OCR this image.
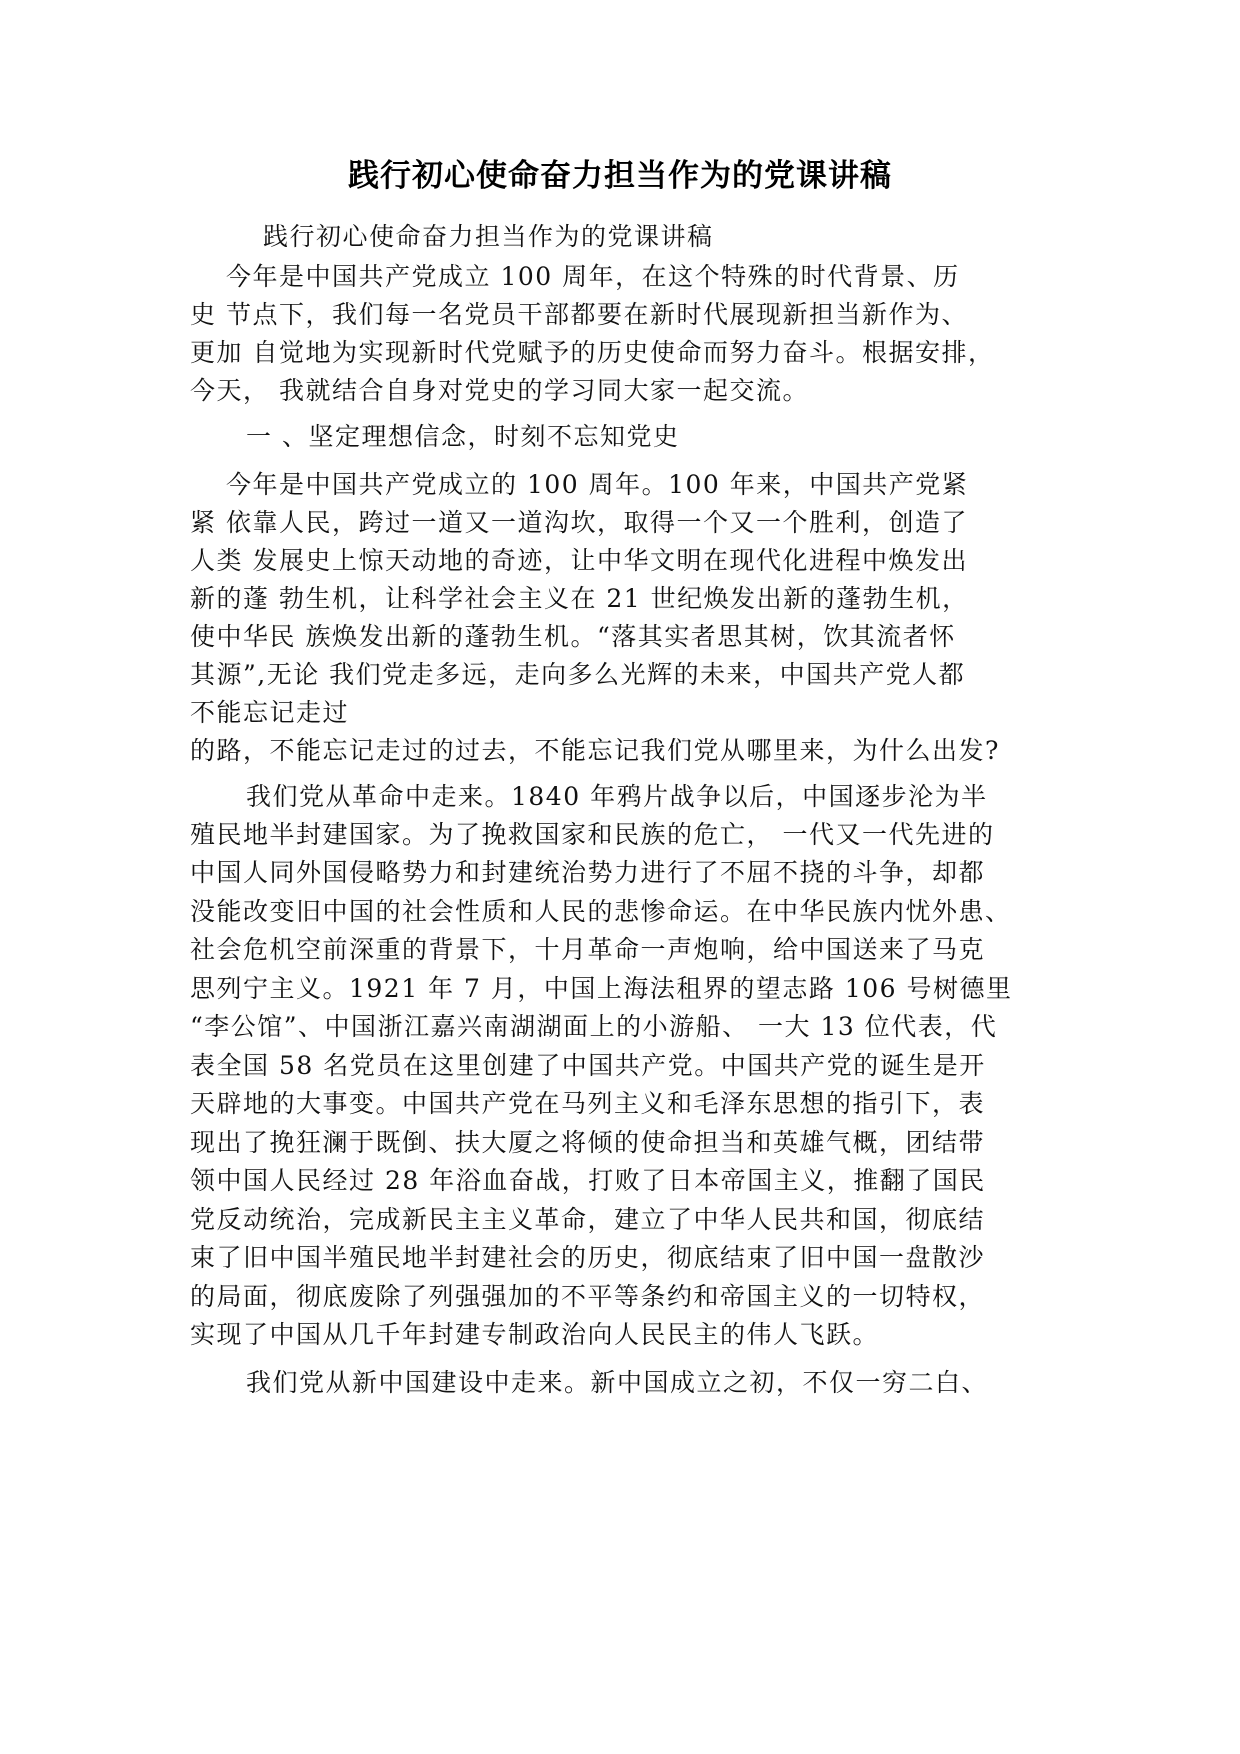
践行初心使命奋力担当作为的党课讲稿
践行初心使命奋力担当作为的党课讲稿
今年是中国共产党成立 100 周年，在这个特殊的时代背景、历
史 节点下，我们每一名党员干部都要在新时代展现新担当新作为、
更加 自觉地为实现新时代党赋予的历史使命而努力奋斗。根据安排，
今天， 我就结合自身对党史的学习同大家一起交流。
一 、坚定理想信念，时刻不忘知党史
今年是中国共产党成立的 100 周年。100 年来，中国共产党紧
紧 依靠人民，跨过一道又一道沟坎，取得一个又一个胜利，创造了
人类 发展史上惊天动地的奇迹，让中华文明在现代化进程中焕发出
新的蓬 勃生机，让科学社会主义在 21 世纪焕发出新的蓬勃生机，
使中华民 族焕发出新的蓬勃生机。“落其实者思其树，饮其流者怀
其源”,无论 我们党走多远，走向多么光辉的未来，中国共产党人都
不能忘记走过
的路，不能忘记走过的过去，不能忘记我们党从哪里来，为什么出发?
我们党从革命中走来。1840 年鸦片战争以后，中国逐步沦为半
殖民地半封建国家。为了挽救国家和民族的危亡， 一代又一代先进的
中国人同外国侵略势力和封建统治势力进行了不屈不挠的斗争，却都
没能改变旧中国的社会性质和人民的悲惨命运。在中华民族内忧外患、
社会危机空前深重的背景下，十月革命一声炮响，给中国送来了马克
思列宁主义。1921 年 7 月，中国上海法租界的望志路 106 号树德里
“李公馆”、中国浙江嘉兴南湖湖面上的小游船、 一大 13 位代表，代
表全国 58 名党员在这里创建了中国共产党。中国共产党的诞生是开
天辟地的大事变。中国共产党在马列主义和毛泽东思想的指引下，表
现出了挽狂澜于既倒、扶大厦之将倾的使命担当和英雄气概，团结带
领中国人民经过 28 年浴血奋战，打败了日本帝国主义，推翻了国民
党反动统治，完成新民主主义革命，建立了中华人民共和国，彻底结
束了旧中国半殖民地半封建社会的历史，彻底结束了旧中国一盘散沙
的局面，彻底废除了列强强加的不平等条约和帝国主义的一切特权，
实现了中国从几千年封建专制政治向人民民主的伟人飞跃。
我们党从新中国建设中走来。新中国成立之初，不仅一穷二白、
